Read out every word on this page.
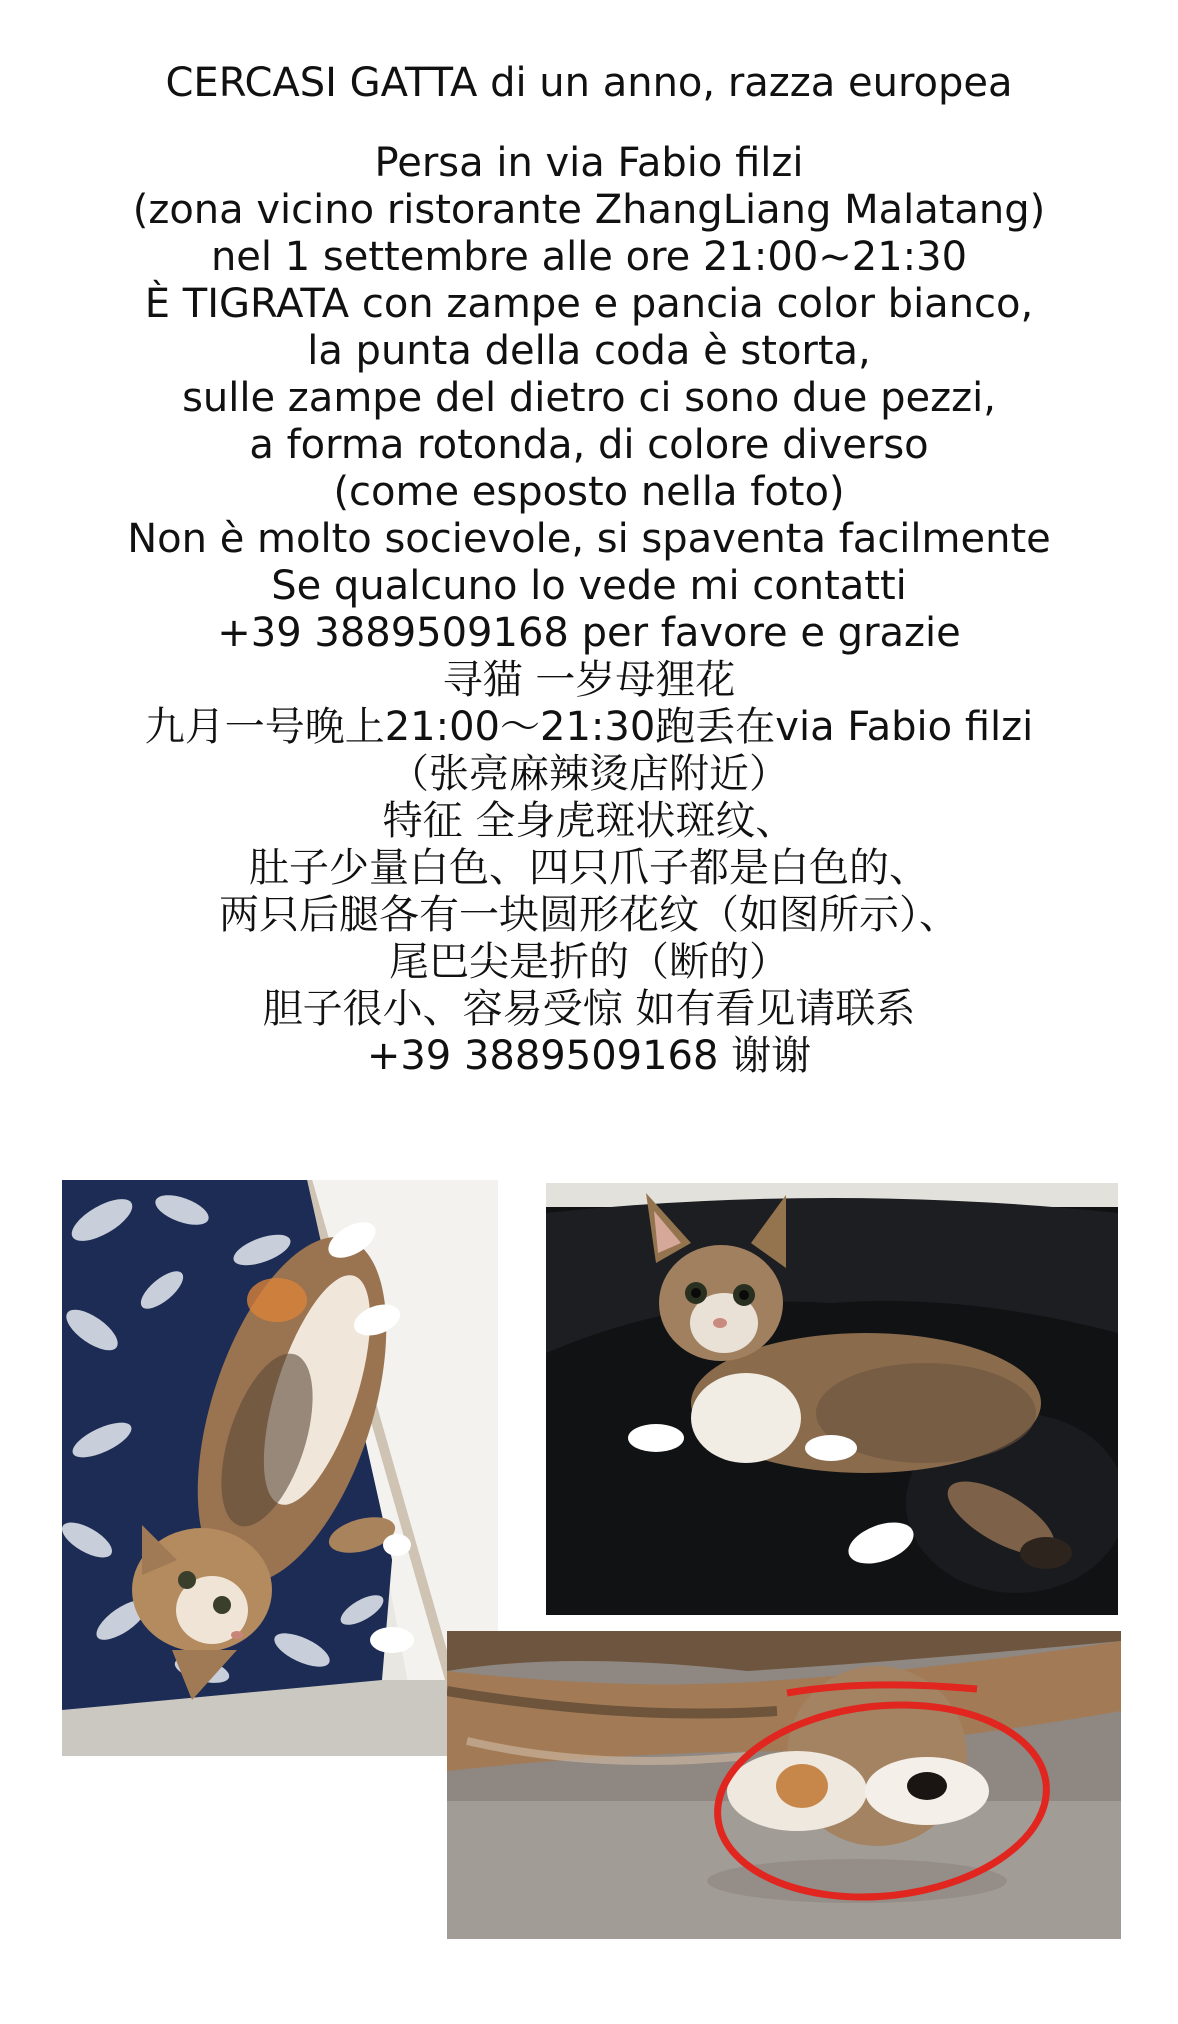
CERCASI GATTA di un anno, razza europea
Persa in via Fabio filzi
(zona vicino ristorante ZhangLiang Malatang)
nel 1 settembre alle ore 21:00~21:30
È TIGRATA con zampe e pancia color bianco,
la punta della coda è storta,
sulle zampe del dietro ci sono due pezzi,
a forma rotonda, di colore diverso
(come esposto nella foto)
Non è molto socievole, si spaventa facilmente
Se qualcuno lo vede mi contatti
+39 3889509168 per favore e grazie
寻猫 一岁母狸花
九月一号晚上21:00～21:30跑丢在via Fabio filzi
（张亮麻辣烫店附近）
特征 全身虎斑状斑纹、
肚子少量白色、四只爪子都是白色的、
两只后腿各有一块圆形花纹（如图所示）、
尾巴尖是折的（断的）
胆子很小、容易受惊 如有看见请联系
+39 3889509168 谢谢
